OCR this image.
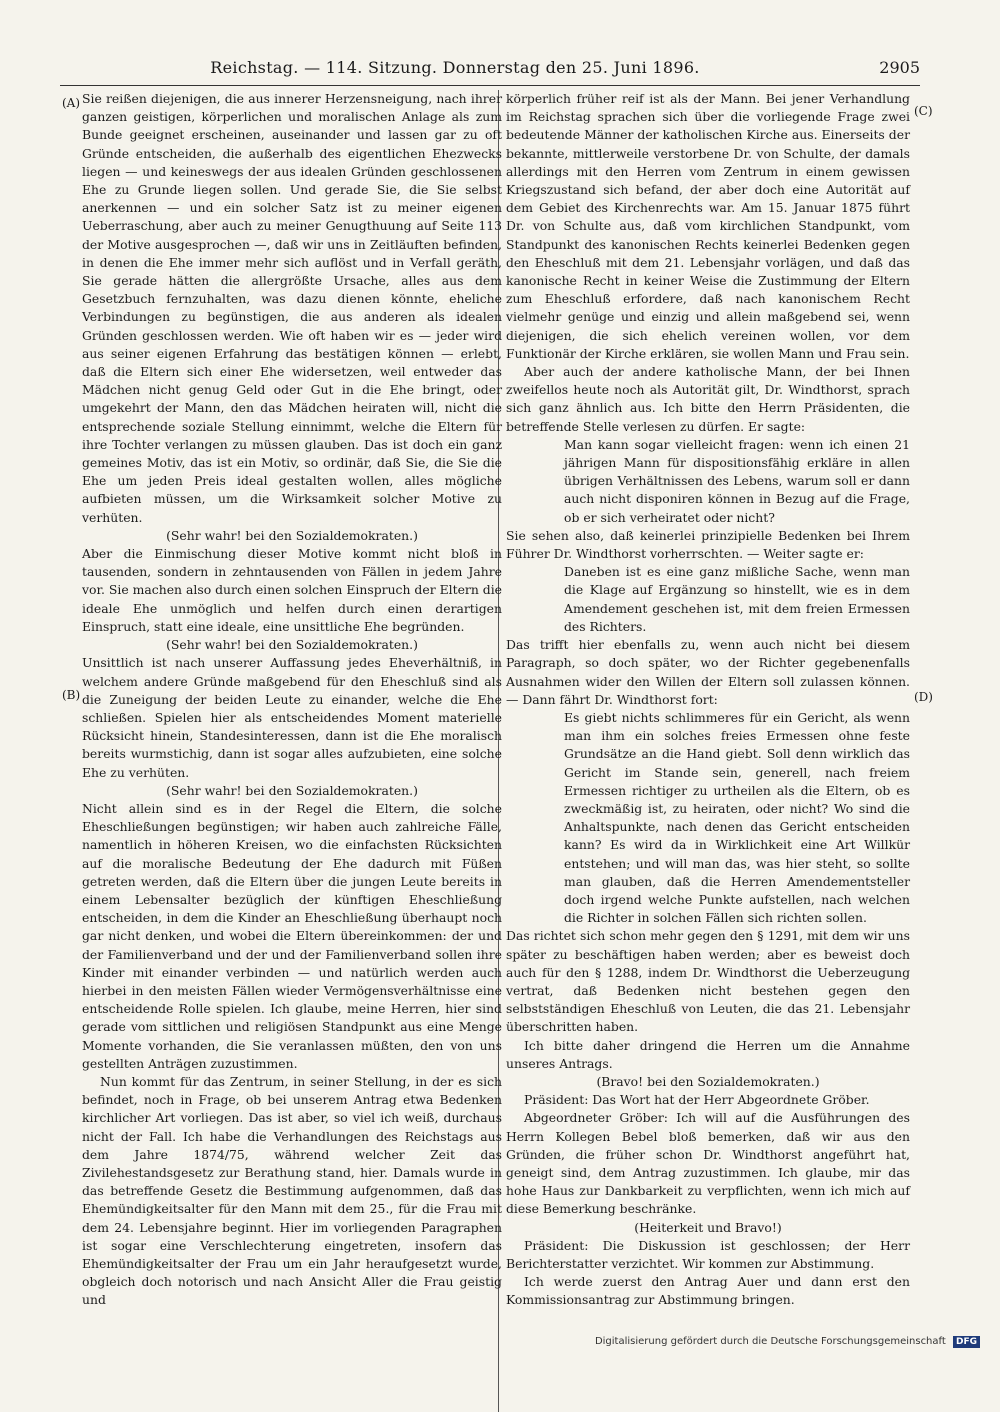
Reichstag. — 114. Sitzung. Donnerstag den 25. Juni 1896.	2905
(A)
(B)
(C)
(D)

Sie reißen diejenigen, die aus innerer Herzensneigung, nach ihrer ganzen geistigen, körperlichen und moralischen Anlage als zum Bunde geeignet erscheinen, auseinander und lassen gar zu oft Gründe entscheiden, die außerhalb des eigentlichen Ehezwecks liegen — und keineswegs der aus idealen Gründen geschlossenen Ehe zu Grunde liegen sollen. Und gerade Sie, die Sie selbst anerkennen — und ein solcher Satz ist zu meiner eigenen Ueberraschung, aber auch zu meiner Genugthuung auf Seite 113 der Motive ausgesprochen —, daß wir uns in Zeitläuften befinden, in denen die Ehe immer mehr sich auflöst und in Verfall geräth, Sie gerade hätten die allergrößte Ursache, alles aus dem Gesetzbuch fernzuhalten, was dazu dienen könnte, eheliche Verbindungen zu begünstigen, die aus anderen als idealen Gründen geschlossen werden. Wie oft haben wir es — jeder wird aus seiner eigenen Erfahrung das bestätigen können — erlebt, daß die Eltern sich einer Ehe widersetzen, weil entweder das Mädchen nicht genug Geld oder Gut in die Ehe bringt, oder umgekehrt der Mann, den das Mädchen heiraten will, nicht die entsprechende soziale Stellung einnimmt, welche die Eltern für ihre Tochter verlangen zu müssen glauben. Das ist doch ein ganz gemeines Motiv, das ist ein Motiv, so ordinär, daß Sie, die Sie die Ehe um jeden Preis ideal gestalten wollen, alles mögliche aufbieten müssen, um die Wirksamkeit solcher Motive zu verhüten.

(Sehr wahr! bei den Sozialdemokraten.)

Aber die Einmischung dieser Motive kommt nicht bloß in tausenden, sondern in zehntausenden von Fällen in jedem Jahre vor. Sie machen also durch einen solchen Einspruch der Eltern die ideale Ehe unmöglich und helfen durch einen derartigen Einspruch, statt eine ideale, eine unsittliche Ehe begründen.

(Sehr wahr! bei den Sozialdemokraten.)

Unsittlich ist nach unserer Auffassung jedes Eheverhältniß, in welchem andere Gründe maßgebend für den Eheschluß sind als die Zuneigung der beiden Leute zu einander, welche die Ehe schließen. Spielen hier als entscheidendes Moment materielle Rücksicht hinein, Standesinteressen, dann ist die Ehe moralisch bereits wurmstichig, dann ist sogar alles aufzubieten, eine solche Ehe zu verhüten.

(Sehr wahr! bei den Sozialdemokraten.)

Nicht allein sind es in der Regel die Eltern, die solche Eheschließungen begünstigen; wir haben auch zahlreiche Fälle, namentlich in höheren Kreisen, wo die einfachsten Rücksichten auf die moralische Bedeutung der Ehe dadurch mit Füßen getreten werden, daß die Eltern über die jungen Leute bereits in einem Lebensalter bezüglich der künftigen Eheschließung entscheiden, in dem die Kinder an Eheschließung überhaupt noch gar nicht denken, und wobei die Eltern übereinkommen: der und der Familienverband und der und der Familienverband sollen ihre Kinder mit einander verbinden — und natürlich werden auch hierbei in den meisten Fällen wieder Vermögensverhältnisse eine entscheidende Rolle spielen. Ich glaube, meine Herren, hier sind gerade vom sittlichen und religiösen Standpunkt aus eine Menge Momente vorhanden, die Sie veranlassen müßten, den von uns gestellten Anträgen zuzustimmen.

Nun kommt für das Zentrum, in seiner Stellung, in der es sich befindet, noch in Frage, ob bei unserem Antrag etwa Bedenken kirchlicher Art vorliegen. Das ist aber, so viel ich weiß, durchaus nicht der Fall. Ich habe die Verhandlungen des Reichstags aus dem Jahre 1874/75, während welcher Zeit das Zivilehestandsgesetz zur Berathung stand, hier. Damals wurde in das betreffende Gesetz die Bestimmung aufgenommen, daß das Ehemündigkeitsalter für den Mann mit dem 25., für die Frau mit dem 24. Lebensjahre beginnt. Hier im vorliegenden Paragraphen ist sogar eine Verschlechterung eingetreten, insofern das Ehemündigkeitsalter der Frau um ein Jahr heraufgesetzt wurde, obgleich doch notorisch und nach Ansicht Aller die Frau geistig und

körperlich früher reif ist als der Mann. Bei jener Verhandlung im Reichstag sprachen sich über die vorliegende Frage zwei bedeutende Männer der katholischen Kirche aus. Einerseits der bekannte, mittlerweile verstorbene Dr. von Schulte, der damals allerdings mit den Herren vom Zentrum in einem gewissen Kriegszustand sich befand, der aber doch eine Autorität auf dem Gebiet des Kirchenrechts war. Am 15. Januar 1875 führt Dr. von Schulte aus, daß vom kirchlichen Standpunkt, vom Standpunkt des kanonischen Rechts keinerlei Bedenken gegen den Eheschluß mit dem 21. Lebensjahr vorlägen, und daß das kanonische Recht in keiner Weise die Zustimmung der Eltern zum Eheschluß erfordere, daß nach kanonischem Recht vielmehr genüge und einzig und allein maßgebend sei, wenn diejenigen, die sich ehelich vereinen wollen, vor dem Funktionär der Kirche erklären, sie wollen Mann und Frau sein.

Aber auch der andere katholische Mann, der bei Ihnen zweifellos heute noch als Autorität gilt, Dr. Windthorst, sprach sich ganz ähnlich aus. Ich bitte den Herrn Präsidenten, die betreffende Stelle verlesen zu dürfen. Er sagte:

Man kann sogar vielleicht fragen: wenn ich einen 21 jährigen Mann für dispositionsfähig erkläre in allen übrigen Verhältnissen des Lebens, warum soll er dann auch nicht disponiren können in Bezug auf die Frage, ob er sich verheiratet oder nicht?

Sie sehen also, daß keinerlei prinzipielle Bedenken bei Ihrem Führer Dr. Windthorst vorherrschten. — Weiter sagte er:

Daneben ist es eine ganz mißliche Sache, wenn man die Klage auf Ergänzung so hinstellt, wie es in dem Amendement geschehen ist, mit dem freien Ermessen des Richters.

Das trifft hier ebenfalls zu, wenn auch nicht bei diesem Paragraph, so doch später, wo der Richter gegebenenfalls Ausnahmen wider den Willen der Eltern soll zulassen können. — Dann fährt Dr. Windthorst fort:

Es giebt nichts schlimmeres für ein Gericht, als wenn man ihm ein solches freies Ermessen ohne feste Grundsätze an die Hand giebt. Soll denn wirklich das Gericht im Stande sein, generell, nach freiem Ermessen richtiger zu urtheilen als die Eltern, ob es zweckmäßig ist, zu heiraten, oder nicht? Wo sind die Anhaltspunkte, nach denen das Gericht entscheiden kann? Es wird da in Wirklichkeit eine Art Willkür entstehen; und will man das, was hier steht, so sollte man glauben, daß die Herren Amendementsteller doch irgend welche Punkte aufstellen, nach welchen die Richter in solchen Fällen sich richten sollen.

Das richtet sich schon mehr gegen den § 1291, mit dem wir uns später zu beschäftigen haben werden; aber es beweist doch auch für den § 1288, indem Dr. Windthorst die Ueberzeugung vertrat, daß Bedenken nicht bestehen gegen den selbstständigen Eheschluß von Leuten, die das 21. Lebensjahr überschritten haben.

Ich bitte daher dringend die Herren um die Annahme unseres Antrags.

(Bravo! bei den Sozialdemokraten.)

Präsident: Das Wort hat der Herr Abgeordnete Gröber.

Abgeordneter Gröber: Ich will auf die Ausführungen des Herrn Kollegen Bebel bloß bemerken, daß wir aus den Gründen, die früher schon Dr. Windthorst angeführt hat, geneigt sind, dem Antrag zuzustimmen. Ich glaube, mir das hohe Haus zur Dankbarkeit zu verpflichten, wenn ich mich auf diese Bemerkung beschränke.

(Heiterkeit und Bravo!)

Präsident: Die Diskussion ist geschlossen; der Herr Berichterstatter verzichtet. Wir kommen zur Abstimmung.

Ich werde zuerst den Antrag Auer und dann erst den Kommissionsantrag zur Abstimmung bringen.

Digitalisierung gefördert durch die Deutsche Forschungsgemeinschaft DFG
